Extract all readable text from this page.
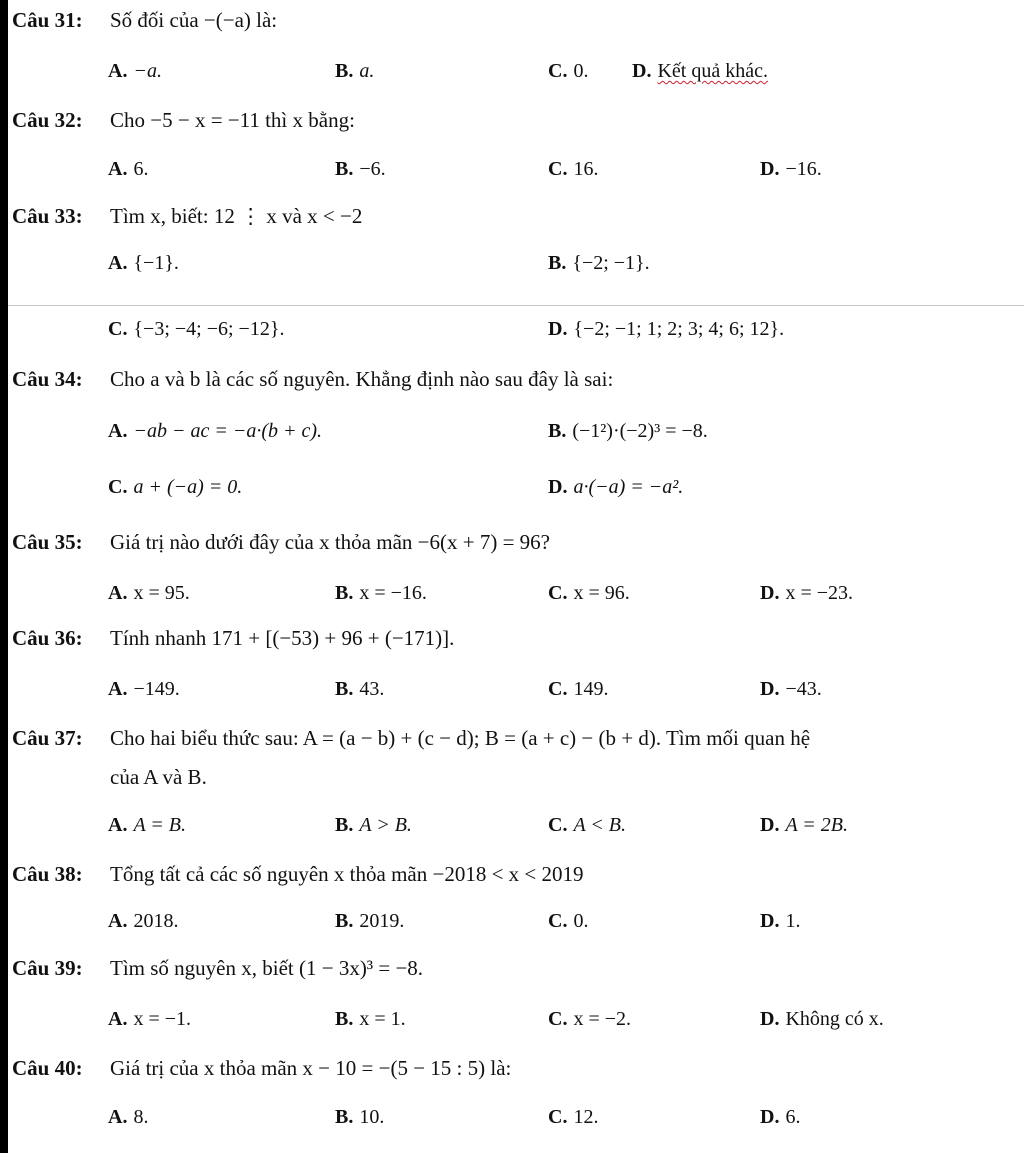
Câu 31: Số đối của −(−a) là:
A. −a.	B. a.	C. 0. D. Kết quả khác.
Câu 32: Cho −5 − x = −11 thì x bằng:
A. 6.	B. −6.	C. 16.	D. −16.
Câu 33: Tìm x, biết: 12 ⋮ x và x < −2
A. {−1}.	B. {−2; −1}.
C. {−3; −4; −6; −12}.	D. {−2; −1; 1; 2; 3; 4; 6; 12}.
Câu 34: Cho a và b là các số nguyên. Khẳng định nào sau đây là sai:
A. −ab − ac = −a·(b + c).	B. (−1²)·(−2)³ = −8.
C. a + (−a) = 0.	D. a·(−a) = −a².
Câu 35: Giá trị nào dưới đây của x thỏa mãn −6(x + 7) = 96?
A. x = 95.	B. x = −16.	C. x = 96.	D. x = −23.
Câu 36: Tính nhanh 171 + [(−53) + 96 + (−171)].
A. −149.	B. 43.	C. 149.	D. −43.
Câu 37: Cho hai biểu thức sau: A = (a − b) + (c − d); B = (a + c) − (b + d). Tìm mối quan hệ
của A và B.
A. A = B.	B. A > B.	C. A < B.	D. A = 2B.
Câu 38: Tổng tất cả các số nguyên x thỏa mãn −2018 < x < 2019
A. 2018.	B. 2019.	C. 0.	D. 1.
Câu 39: Tìm số nguyên x, biết (1 − 3x)³ = −8.
A. x = −1.	B. x = 1.	C. x = −2.	D. Không có x.
Câu 40: Giá trị của x thỏa mãn x − 10 = −(5 − 15 : 5) là:
A. 8.	B. 10.	C. 12.	D. 6.
